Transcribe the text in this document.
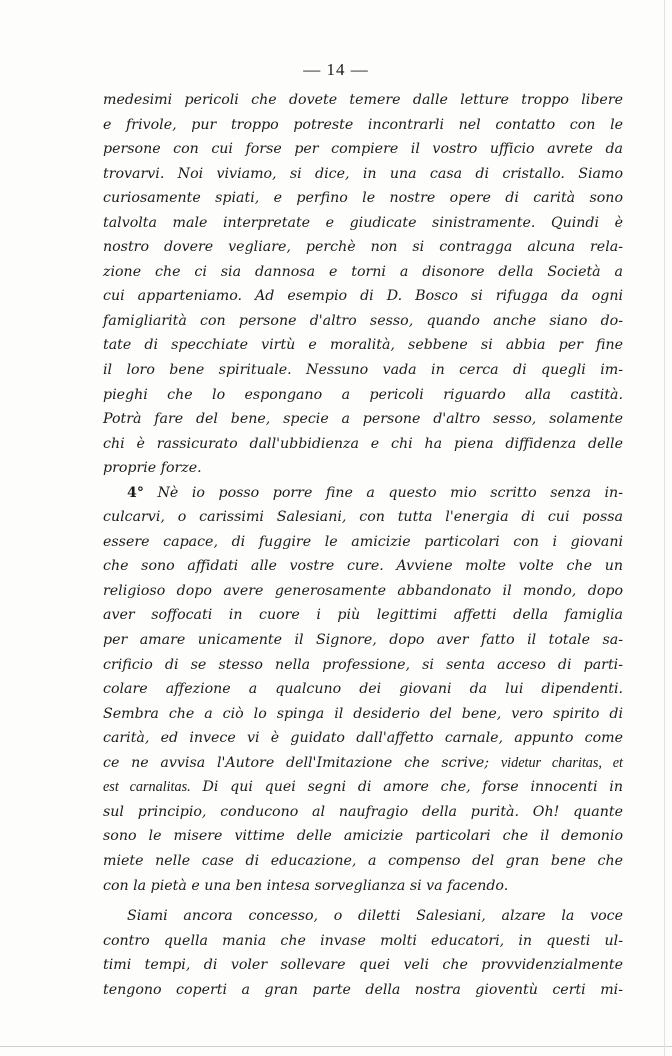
— 14 —
medesimi pericoli che dovete temere dalle letture troppo libere
e frivole, pur troppo potreste incontrarli nel contatto con le
persone con cui forse per compiere il vostro ufficio avrete da
trovarvi. Noi viviamo, si dice, in una casa di cristallo. Siamo
curiosamente spiati, e perfino le nostre opere di carità sono
talvolta male interpretate e giudicate sinistramente. Quindi è
nostro dovere vegliare, perchè non si contragga alcuna rela-
zione che ci sia dannosa e torni a disonore della Società a
cui apparteniamo. Ad esempio di D. Bosco si rifugga da ogni
famigliarità con persone d'altro sesso, quando anche siano do-
tate di specchiate virtù e moralità, sebbene si abbia per fine
il loro bene spirituale. Nessuno vada in cerca di quegli im-
pieghi che lo espongano a pericoli riguardo alla castità.
Potrà fare del bene, specie a persone d'altro sesso, solamente
chi è rassicurato dall'ubbidienza e chi ha piena diffidenza delle
proprie forze.
4° Nè io posso porre fine a questo mio scritto senza in-
culcarvi, o carissimi Salesiani, con tutta l'energia di cui possa
essere capace, di fuggire le amicizie particolari con i giovani
che sono affidati alle vostre cure. Avviene molte volte che un
religioso dopo avere generosamente abbandonato il mondo, dopo
aver soffocati in cuore i più legittimi affetti della famiglia
per amare unicamente il Signore, dopo aver fatto il totale sa-
crificio di se stesso nella professione, si senta acceso di parti-
colare affezione a qualcuno dei giovani da lui dipendenti.
Sembra che a ciò lo spinga il desiderio del bene, vero spirito di
carità, ed invece vi è guidato dall'affetto carnale, appunto come
ce ne avvisa l'Autore dell'Imitazione che scrive; videtur charitas, et
est carnalitas. Di qui quei segni di amore che, forse innocenti in
sul principio, conducono al naufragio della purità. Oh! quante
sono le misere vittime delle amicizie particolari che il demonio
miete nelle case di educazione, a compenso del gran bene che
con la pietà e una ben intesa sorveglianza si va facendo.
Siami ancora concesso, o diletti Salesiani, alzare la voce
contro quella mania che invase molti educatori, in questi ul-
timi tempi, di voler sollevare quei veli che provvidenzialmente
tengono coperti a gran parte della nostra gioventù certi mi-
